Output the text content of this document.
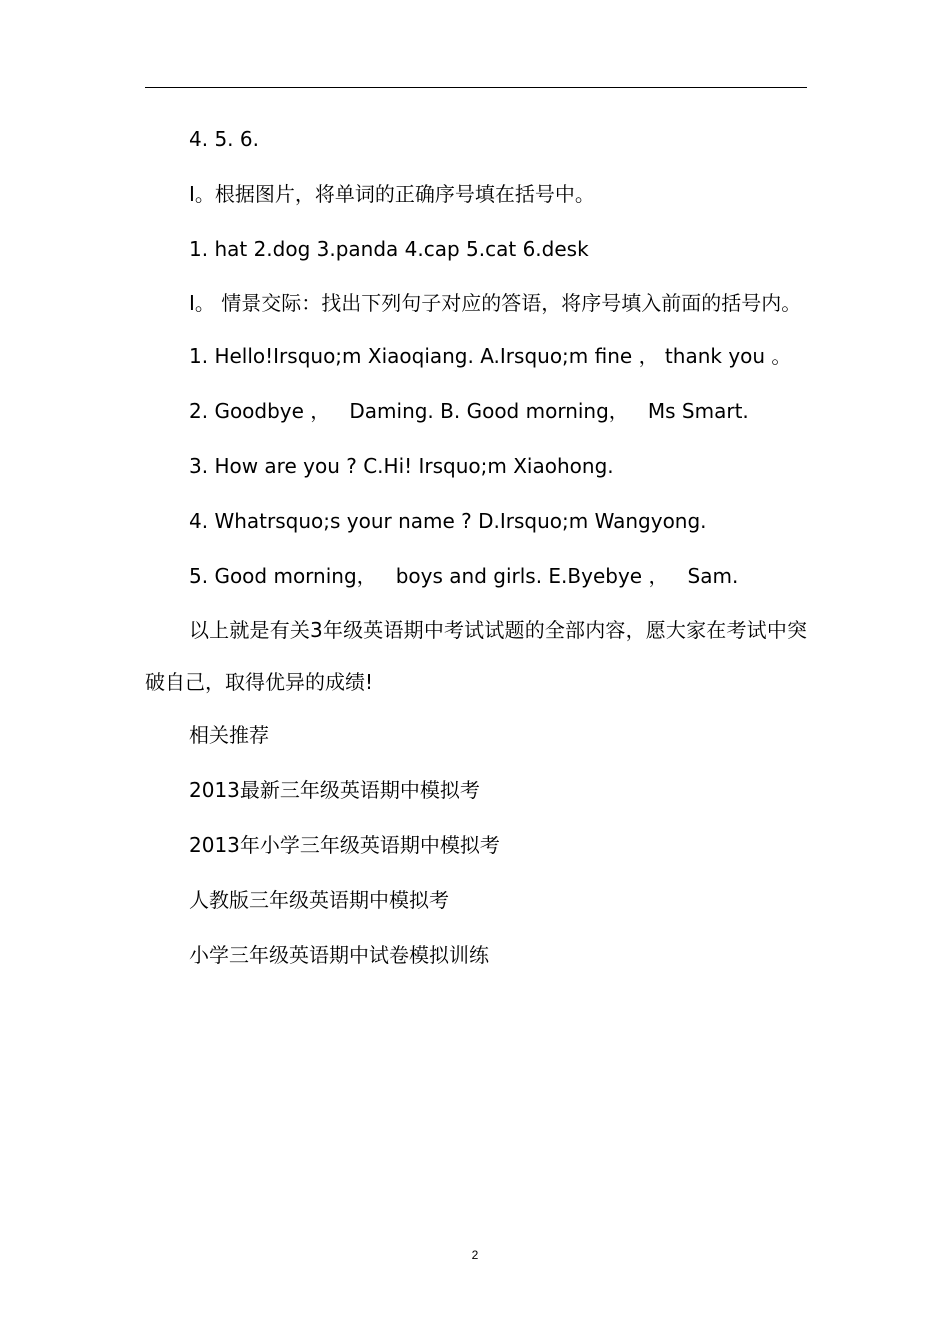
4. 5. 6.

I。根据图片，将单词的正确序号填在括号中。

1. hat 2.dog 3.panda 4.cap 5.cat 6.desk

I。 情景交际：找出下列句子对应的答语，将序号填入前面的括号内。

1. Hello!Irsquo;m Xiaoqiang. A.Irsquo;m fine ， thank you 。

2. Goodbye ，   Daming. B. Good morning，   Ms Smart.

3. How are you ? C.Hi! Irsquo;m Xiaohong.

4. Whatrsquo;s your name ? D.Irsquo;m Wangyong.

5. Good morning，   boys and girls. E.Byebye ，   Sam.

以上就是有关3年级英语期中考试试题的全部内容，愿大家在考试中突破自己，取得优异的成绩!

相关推荐

2013最新三年级英语期中模拟考

2013年小学三年级英语期中模拟考

人教版三年级英语期中模拟考

小学三年级英语期中试卷模拟训练

2
